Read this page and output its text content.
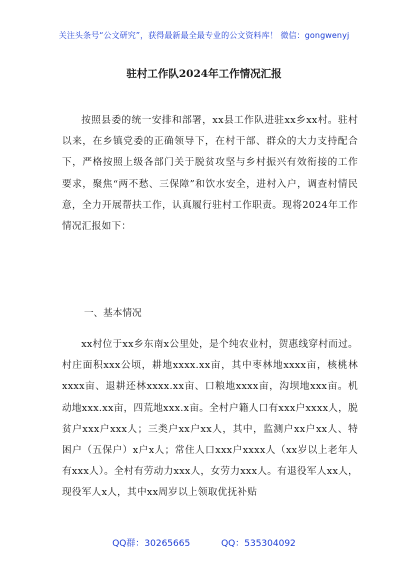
关注头条号“公文研究”，获得最新最全最专业的公文资料库！ 微信：gongwenyj
驻村工作队2024年工作情况汇报
按照县委的统一安排和部署，xx县工作队进驻xx乡xx村。驻村以来，在乡镇党委的正确领导下，在村干部、群众的大力支持配合下，严格按照上级各部门关于脱贫攻坚与乡村振兴有效衔接的工作要求，聚焦“两不愁、三保障”和饮水安全，进村入户，调查村情民意，全力开展帮扶工作，认真履行驻村工作职责。现将2024年工作情况汇报如下：
一、基本情况
xx村位于xx乡东南x公里处，是个纯农业村，贺惠线穿村而过。村庄面积xxx公顷，耕地xxxx.xx亩，其中枣林地xxxx亩，核桃林xxxx亩、退耕还林xxxx.xx亩、口粮地xxxx亩，沟坝地xxx亩。机动地xxx.xx亩，四荒地xxx.x亩。全村户籍人口有xxx户xxxx人，脱贫户xxx户xxx人；三类户xx户xx人，其中，监测户xx户xx人、特困户（五保户）x户x人；常住人口xxx户xxxx人（xx岁以上老年人有xxx人）。全村有劳动力xxx人，女劳力xxx人。有退役军人xx人，现役军人x人，其中xx周岁以上领取优抚补贴
QQ群：30265665	QQ：535304092
